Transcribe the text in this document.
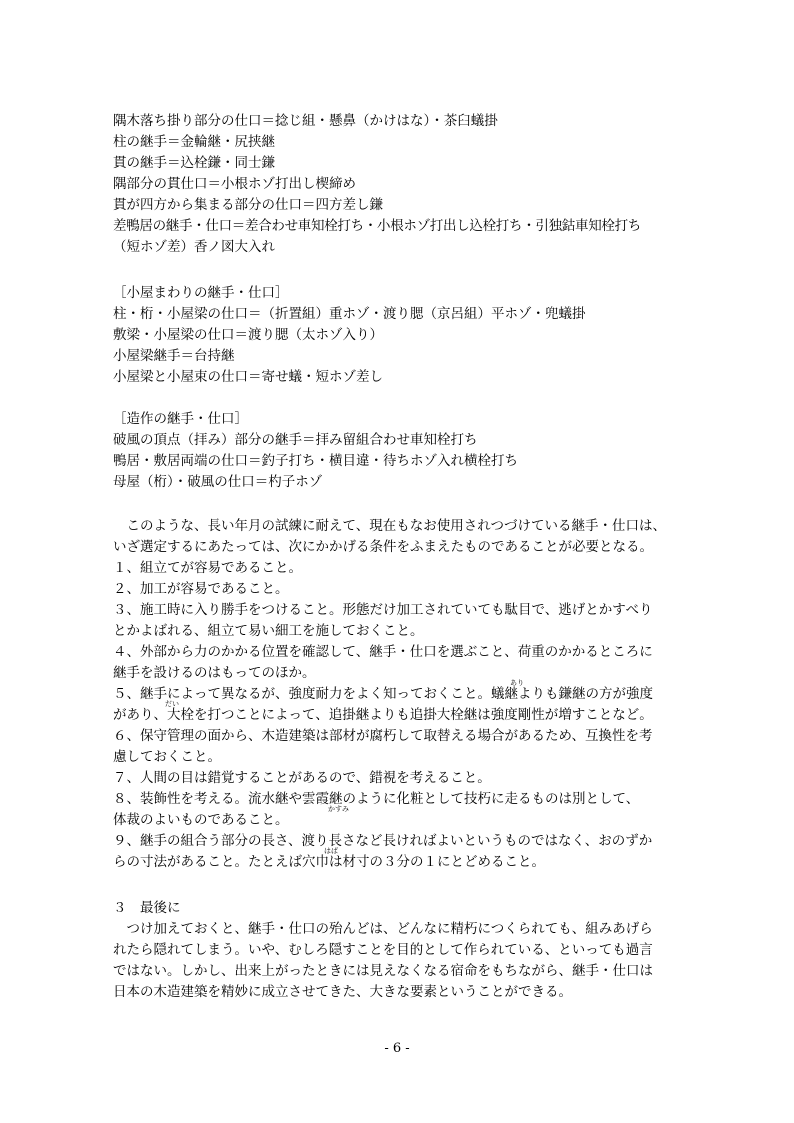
隅木落ち掛り部分の仕口＝捻じ組・懸鼻（かけはな）・茶臼蟻掛
柱の継手＝金輪継・尻挟継
貫の継手＝込栓鎌・同士鎌
隅部分の貫仕口＝小根ホゾ打出し楔締め
貫が四方から集まる部分の仕口＝四方差し鎌
差鴨居の継手・仕口＝差合わせ車知栓打ち・小根ホゾ打出し込栓打ち・引独鈷車知栓打ち
（短ホゾ差）香ノ図大入れ
［小屋まわりの継手・仕口］
柱・桁・小屋梁の仕口＝（折置組）重ホゾ・渡り腮（京呂組）平ホゾ・兜蟻掛
敷梁・小屋梁の仕口＝渡り腮（太ホゾ入り）
小屋梁継手＝台持継
小屋梁と小屋束の仕口＝寄せ蟻・短ホゾ差し
［造作の継手・仕口］
破風の頂点（拝み）部分の継手＝拝み留組合わせ車知栓打ち
鴨居・敷居両端の仕口＝釣子打ち・横目違・待ちホゾ入れ横栓打ち
母屋（桁）・破風の仕口＝杓子ホゾ
　このような、長い年月の試練に耐えて、現在もなお使用されつづけている継手・仕口は、
いざ選定するにあたっては、次にかかげる条件をふまえたものであることが必要となる。
１、組立てが容易であること。
２、加工が容易であること。
３、施工時に入り勝手をつけること。形態だけ加工されていても駄目で、逃げとかすべり
とかよばれる、組立て易い細工を施しておくこと。
４、外部から力のかかる位置を確認して、継手・仕口を選ぶこと、荷重のかかるところに
継手を設けるのはもってのほか。
５、継手によって異なるが、強度耐力をよく知っておくこと。蟻継よりも鎌継の方が強度
があり、大栓を打つことによって、追掛継よりも追掛大栓継は強度剛性が増すことなど。
６、保守管理の面から、木造建築は部材が腐朽して取替える場合があるため、互換性を考
慮しておくこと。
７、人間の目は錯覚することがあるので、錯視を考えること。
８、装飾性を考える。流水継や雲霞継のように化粧として技朽に走るものは別として、
体裁のよいものであること。
９、継手の組合う部分の長さ、渡り長さなど長ければよいというものではなく、おのずか
らの寸法があること。たとえば穴巾は材寸の３分の１にとどめること。
３　最後に
　つけ加えておくと、継手・仕口の殆んどは、どんなに精朽につくられても、組みあげら
れたら隠れてしまう。いや、むしろ隠すことを目的として作られている、といっても過言
ではない。しかし、出来上がったときには見えなくなる宿命をもちながら、継手・仕口は
日本の木造建築を精妙に成立させてきた、大きな要素ということができる。
あり
だい
かすみ
はば
- 6 -
